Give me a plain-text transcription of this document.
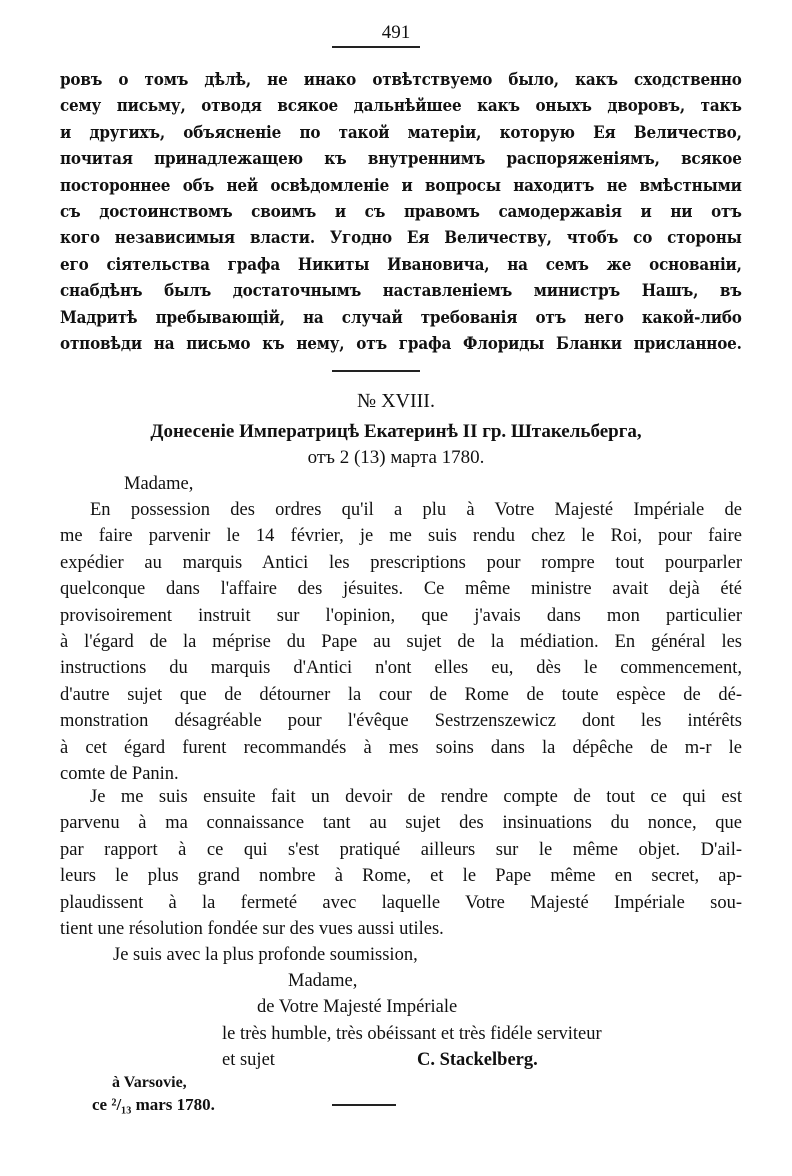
491
ровъ о томъ дѣлѣ, не инако отвѣтствуемо было, какъ сходственно
сему письму, отводя всякое дальнѣйшее какъ оныхъ дворовъ, такъ
и другихъ, объясненіе по такой матеріи, которую Ея Величество,
почитая принадлежащею къ внутреннимъ распоряженіямъ, всякое
постороннее объ ней освѣдомленіе и вопросы находитъ не вмѣстными
съ достоинствомъ своимъ и съ правомъ самодержавія и ни отъ
кого независимыя власти. Угодно Ея Величеству, чтобъ со стороны
его сіятельства графа Никиты Ивановича, на семъ же основаніи,
снабдѣнъ былъ достаточнымъ наставленіемъ министръ Нашъ, въ
Мадритѣ пребывающій, на случай требованія отъ него какой-либо
отповѣди на письмо къ нему, отъ графа Флориды Бланки присланное.
№ XVIII.
Донесеніе Императрицѣ Екатеринѣ II гр. Штакельберга,
отъ 2 (13) марта 1780.
Madame,
En possession des ordres qu'il a plu à Votre Majesté Impériale de
me faire parvenir le 14 février, je me suis rendu chez le Roi, pour faire
expédier au marquis Antici les prescriptions pour rompre tout pourparler
quelconque dans l'affaire des jésuites. Ce même ministre avait dejà été
provisoirement instruit sur l'opinion, que j'avais dans mon particulier
à l'égard de la méprise du Pape au sujet de la médiation. En général les
instructions du marquis d'Antici n'ont elles eu, dès le commencement,
d'autre sujet que de détourner la cour de Rome de toute espèce de dé-
monstration désagréable pour l'évêque Sestrzenszewicz dont les intérêts
à cet égard furent recommandés à mes soins dans la dépêche de m-r le
comte de Panin.
Je me suis ensuite fait un devoir de rendre compte de tout ce qui est
parvenu à ma connaissance tant au sujet des insinuations du nonce, que
par rapport à ce qui s'est pratiqué ailleurs sur le même objet. D'ail-
leurs le plus grand nombre à Rome, et le Pape même en secret, ap-
plaudissent à la fermeté avec laquelle Votre Majesté Impériale sou-
tient une résolution fondée sur des vues aussi utiles.
Je suis avec la plus profonde soumission,
Madame,
de Votre Majesté Impériale
le très humble, très obéissant et très fidéle serviteur
et sujet	C. Stackelberg.
à Varsovie,
ce ²/₁₃ mars 1780.
